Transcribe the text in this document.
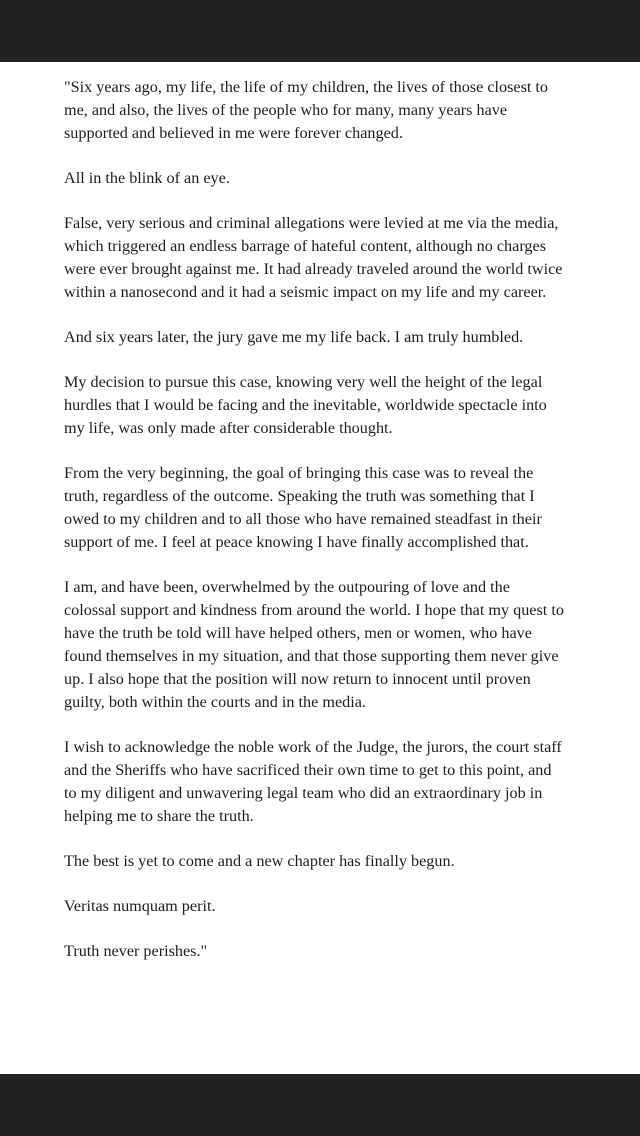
"Six years ago, my life, the life of my children, the lives of those closest to me, and also, the lives of the people who for many, many years have supported and believed in me were forever changed.

All in the blink of an eye.

False, very serious and criminal allegations were levied at me via the media, which triggered an endless barrage of hateful content, although no charges were ever brought against me. It had already traveled around the world twice within a nanosecond and it had a seismic impact on my life and my career.

And six years later, the jury gave me my life back. I am truly humbled.

My decision to pursue this case, knowing very well the height of the legal hurdles that I would be facing and the inevitable, worldwide spectacle into my life, was only made after considerable thought.

From the very beginning, the goal of bringing this case was to reveal the truth, regardless of the outcome. Speaking the truth was something that I owed to my children and to all those who have remained steadfast in their support of me. I feel at peace knowing I have finally accomplished that.

I am, and have been, overwhelmed by the outpouring of love and the colossal support and kindness from around the world. I hope that my quest to have the truth be told will have helped others, men or women, who have found themselves in my situation, and that those supporting them never give up. I also hope that the position will now return to innocent until proven guilty, both within the courts and in the media.

I wish to acknowledge the noble work of the Judge, the jurors, the court staff and the Sheriffs who have sacrificed their own time to get to this point, and to my diligent and unwavering legal team who did an extraordinary job in helping me to share the truth.

The best is yet to come and a new chapter has finally begun.

Veritas numquam perit.

Truth never perishes."
